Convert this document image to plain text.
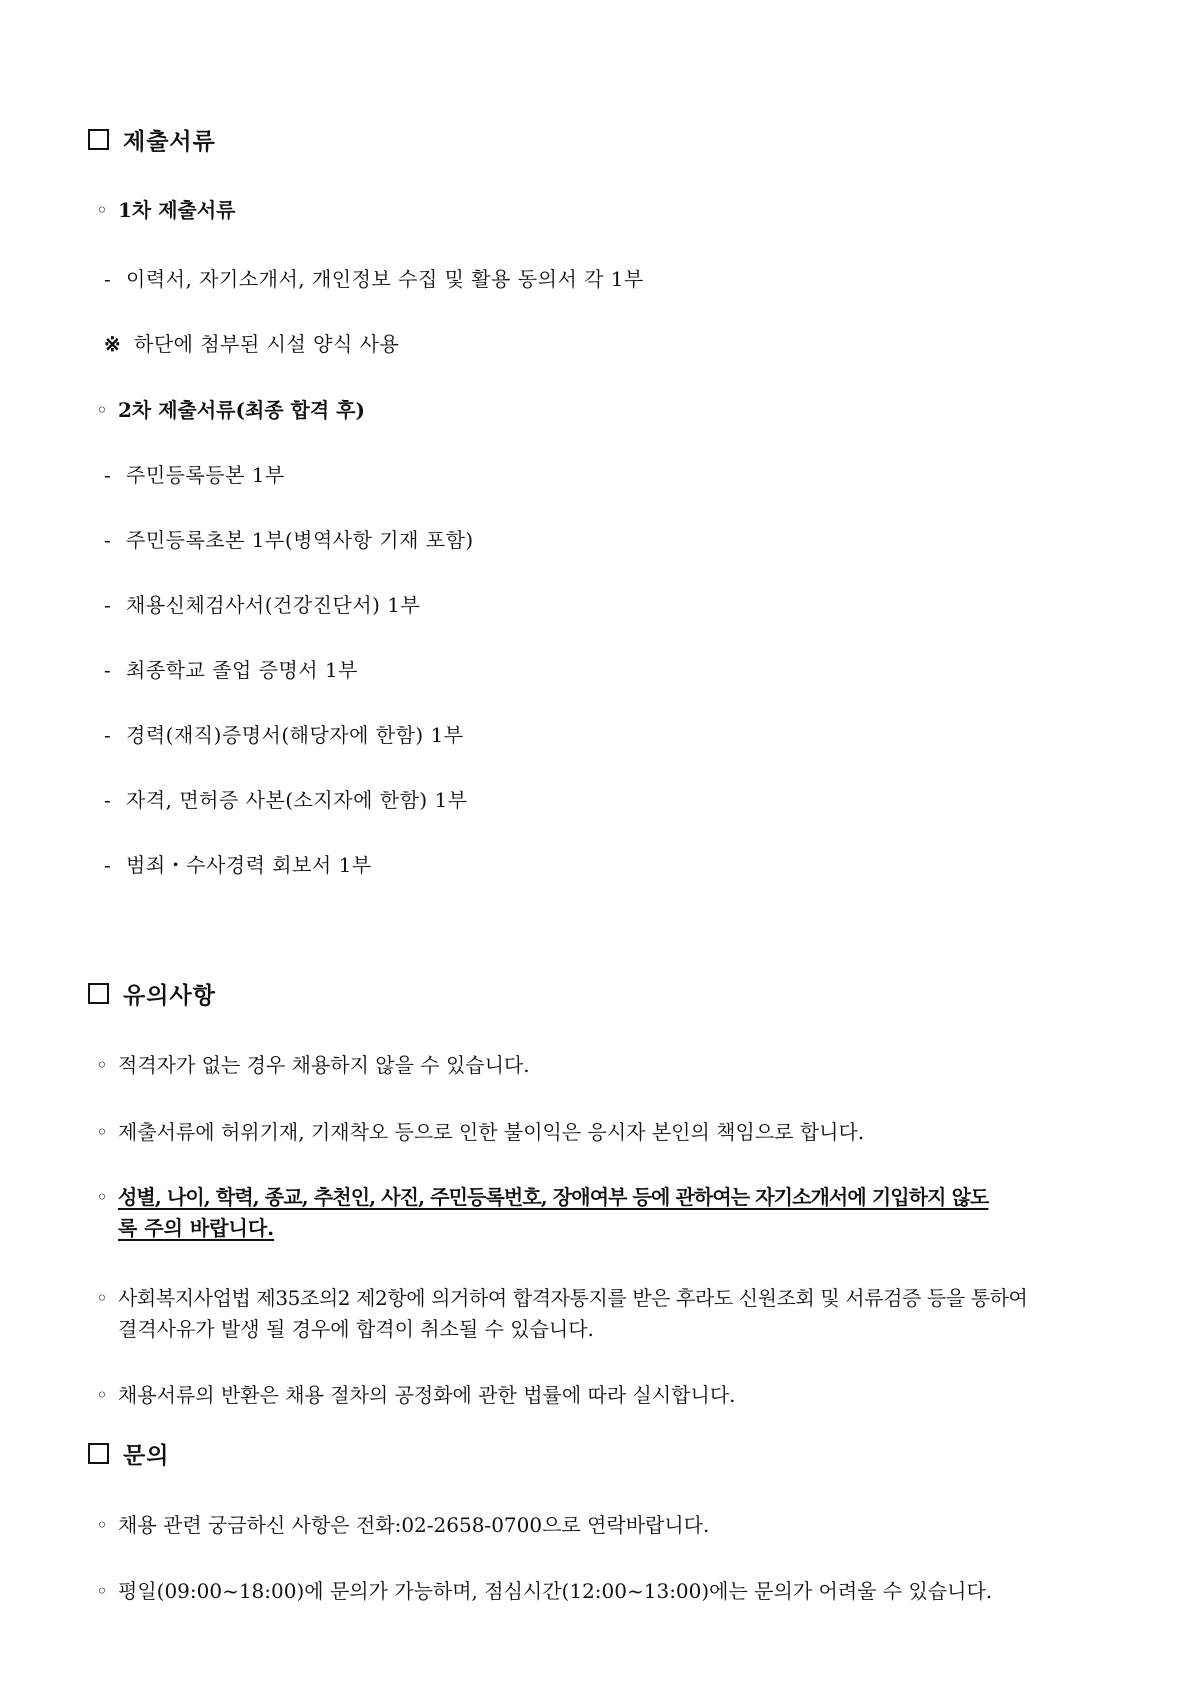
제출서류
◦ 1차 제출서류
- 이력서, 자기소개서, 개인정보 수집 및 활용 동의서 각 1부
※ 하단에 첨부된 시설 양식 사용
◦ 2차 제출서류(최종 합격 후)
- 주민등록등본 1부
- 주민등록초본 1부(병역사항 기재 포함)
- 채용신체검사서(건강진단서) 1부
- 최종학교 졸업 증명서 1부
- 경력(재직)증명서(해당자에 한함) 1부
- 자격, 면허증 사본(소지자에 한함) 1부
- 범죄・수사경력 회보서 1부
유의사항
◦ 적격자가 없는 경우 채용하지 않을 수 있습니다.
◦ 제출서류에 허위기재, 기재착오 등으로 인한 불이익은 응시자 본인의 책임으로 합니다.
◦ 성별, 나이, 학력, 종교, 추천인, 사진, 주민등록번호, 장애여부 등에 관하여는 자기소개서에 기입하지 않도
록 주의 바랍니다.
◦ 사회복지사업법 제35조의2 제2항에 의거하여 합격자통지를 받은 후라도 신원조회 및 서류검증 등을 통하여
결격사유가 발생 될 경우에 합격이 취소될 수 있습니다.
◦ 채용서류의 반환은 채용 절차의 공정화에 관한 법률에 따라 실시합니다.
문의
◦ 채용 관련 궁금하신 사항은 전화:02-2658-0700으로 연락바랍니다.
◦ 평일(09:00~18:00)에 문의가 가능하며, 점심시간(12:00~13:00)에는 문의가 어려울 수 있습니다.
